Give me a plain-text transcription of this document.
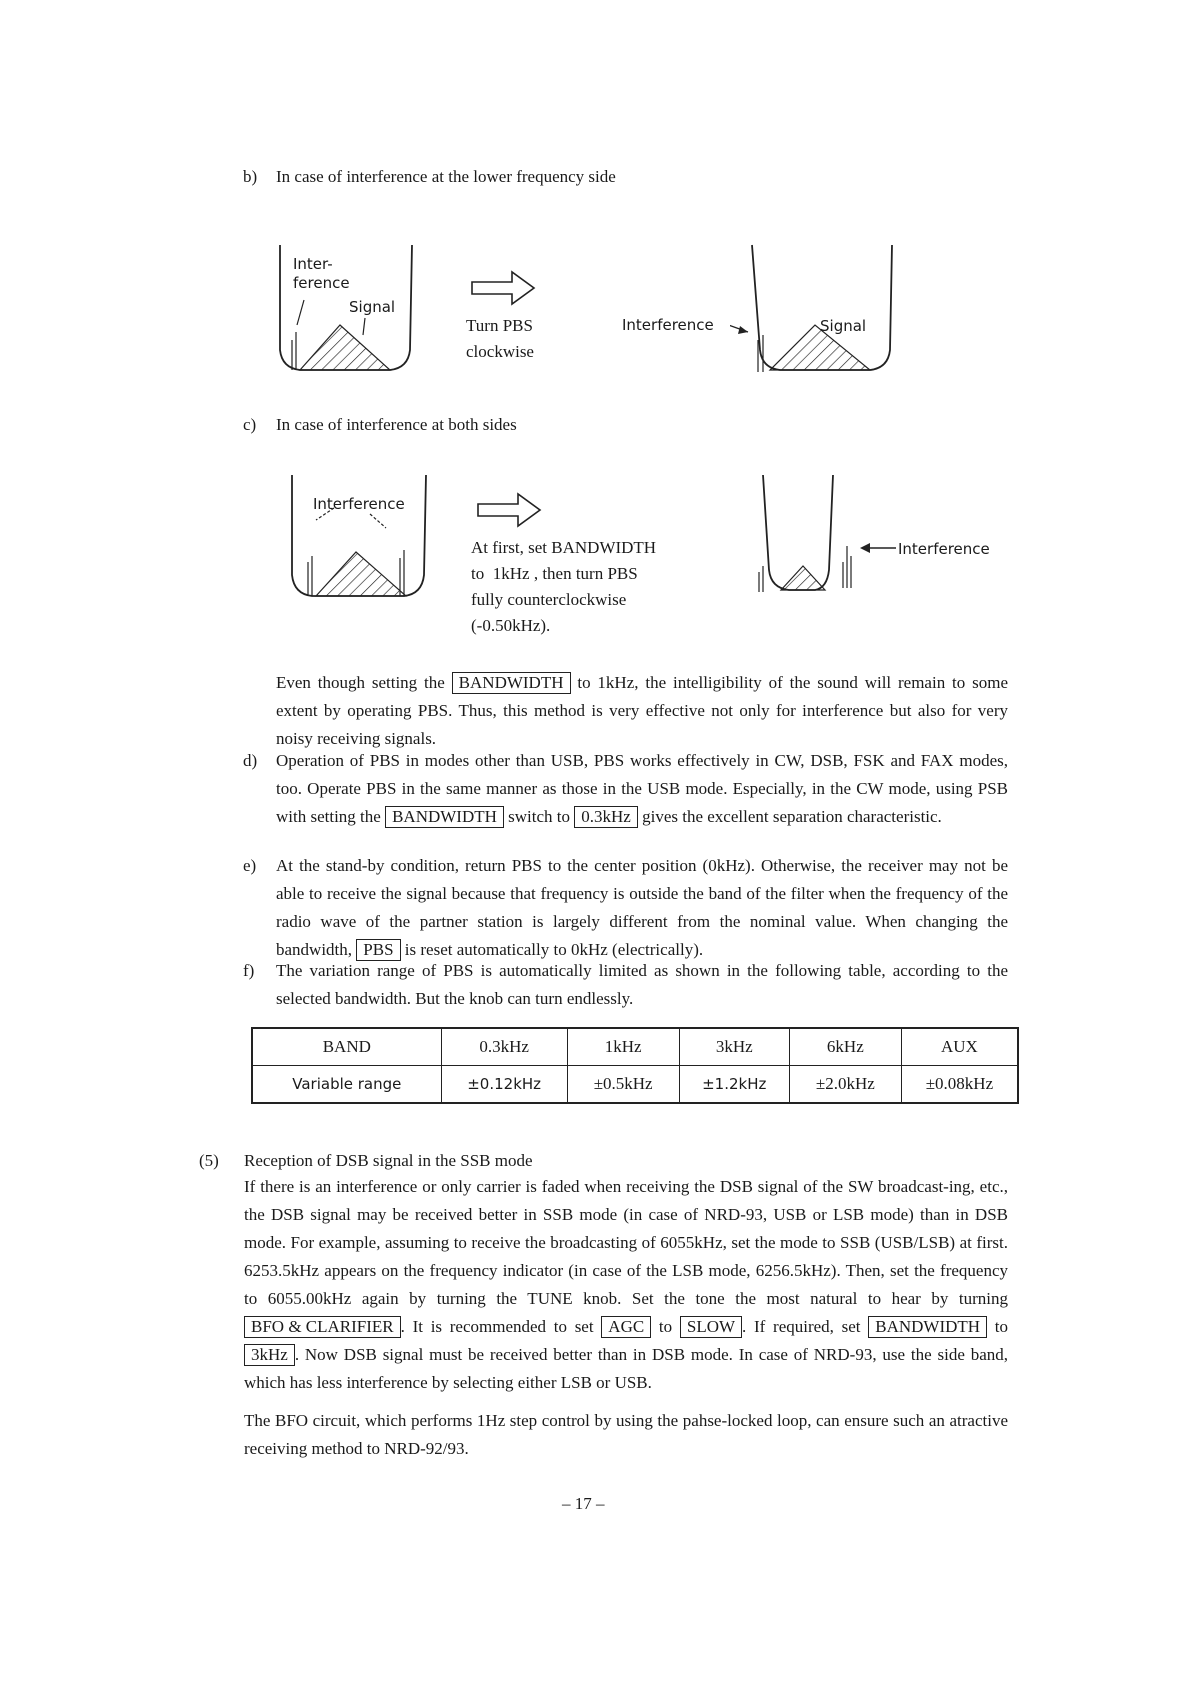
b) In case of interference at the lower frequency side
Inter-
ference
Signal
Turn PBS
clockwise
Interference	Signal
c) In case of interference at both sides
Interference
At first, set BANDWIDTH
to 1kHz , then turn PBS
fully counterclockwise
(-0.50kHz).
Interference
Even though setting the BANDWIDTH to 1kHz, the intelligibility of the sound will remain to some extent by operating PBS. Thus, this method is very effective not only for interference but also for very noisy receiving signals.
d) Operation of PBS in modes other than USB, PBS works effectively in CW, DSB, FSK and FAX modes, too. Operate PBS in the same manner as those in the USB mode. Especially, in the CW mode, using PSB with setting the BANDWIDTH switch to 0.3kHz gives the excellent separation characteristic.
e) At the stand-by condition, return PBS to the center position (0kHz). Otherwise, the receiver may not be able to receive the signal because that frequency is outside the band of the filter when the frequency of the radio wave of the partner station is largely different from the nominal value. When changing the bandwidth, PBS is reset automatically to 0kHz (electrically).
f) The variation range of PBS is automatically limited as shown in the following table, according to the selected bandwidth. But the knob can turn endlessly.
BAND	0.3kHz	1kHz	3kHz	6kHz	AUX
Variable range	±0.12kHz	±0.5kHz	±1.2kHz	±2.0kHz	±0.08kHz
(5) Reception of DSB signal in the SSB mode
If there is an interference or only carrier is faded when receiving the DSB signal of the SW broadcast-ing, etc., the DSB signal may be received better in SSB mode (in case of NRD-93, USB or LSB mode) than in DSB mode. For example, assuming to receive the broadcasting of 6055kHz, set the mode to SSB (USB/LSB) at first. 6253.5kHz appears on the frequency indicator (in case of the LSB mode, 6256.5kHz). Then, set the frequency to 6055.00kHz again by turning the TUNE knob. Set the tone the most natural to hear by turning BFO & CLARIFIER . It is recommended to set AGC to SLOW . If required, set BANDWIDTH to 3kHz . Now DSB signal must be received better than in DSB mode. In case of NRD-93, use the side band, which has less interference by selecting either LSB or USB.
The BFO circuit, which performs 1Hz step control by using the pahse-locked loop, can ensure such an atractive receiving method to NRD-92/93.
– 17 –
